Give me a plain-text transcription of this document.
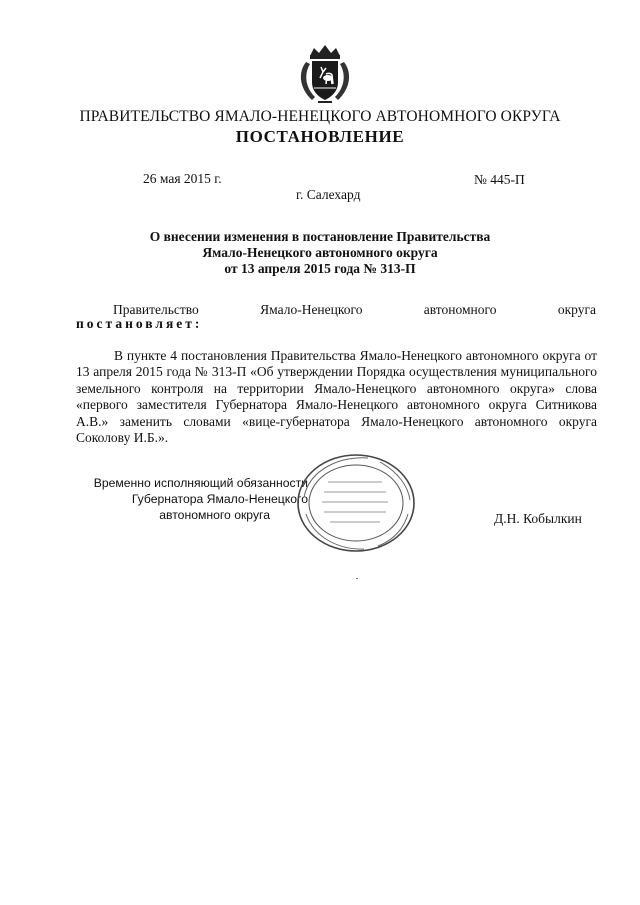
ПРАВИТЕЛЬСТВО ЯМАЛО-НЕНЕЦКОГО АВТОНОМНОГО ОКРУГА
ПОСТАНОВЛЕНИЕ
26 мая 2015 г.	№ 445-П
г. Салехард
О внесении изменения в постановление Правительства
Ямало-Ненецкого автономного округа
от 13 апреля 2015 года № 313-П
Правительство	Ямало-Ненецкого	автономного	округа
постановляет:
В пункте 4 постановления Правительства Ямало-Ненецкого автономного округа от 13 апреля 2015 года № 313-П «Об утверждении Порядка осуществления муниципального земельного контроля на территории Ямало-Ненецкого автономного округа» слова «первого заместителя Губернатора Ямало-Ненецкого автономного округа Ситникова А.В.» заменить словами «вице-губернатора Ямало-Ненецкого автономного округа Соколову И.Б.».
Временно исполняющий обязанности
Губернатора Ямало-Ненецкого
автономного округа	Д.Н. Кобылкин
